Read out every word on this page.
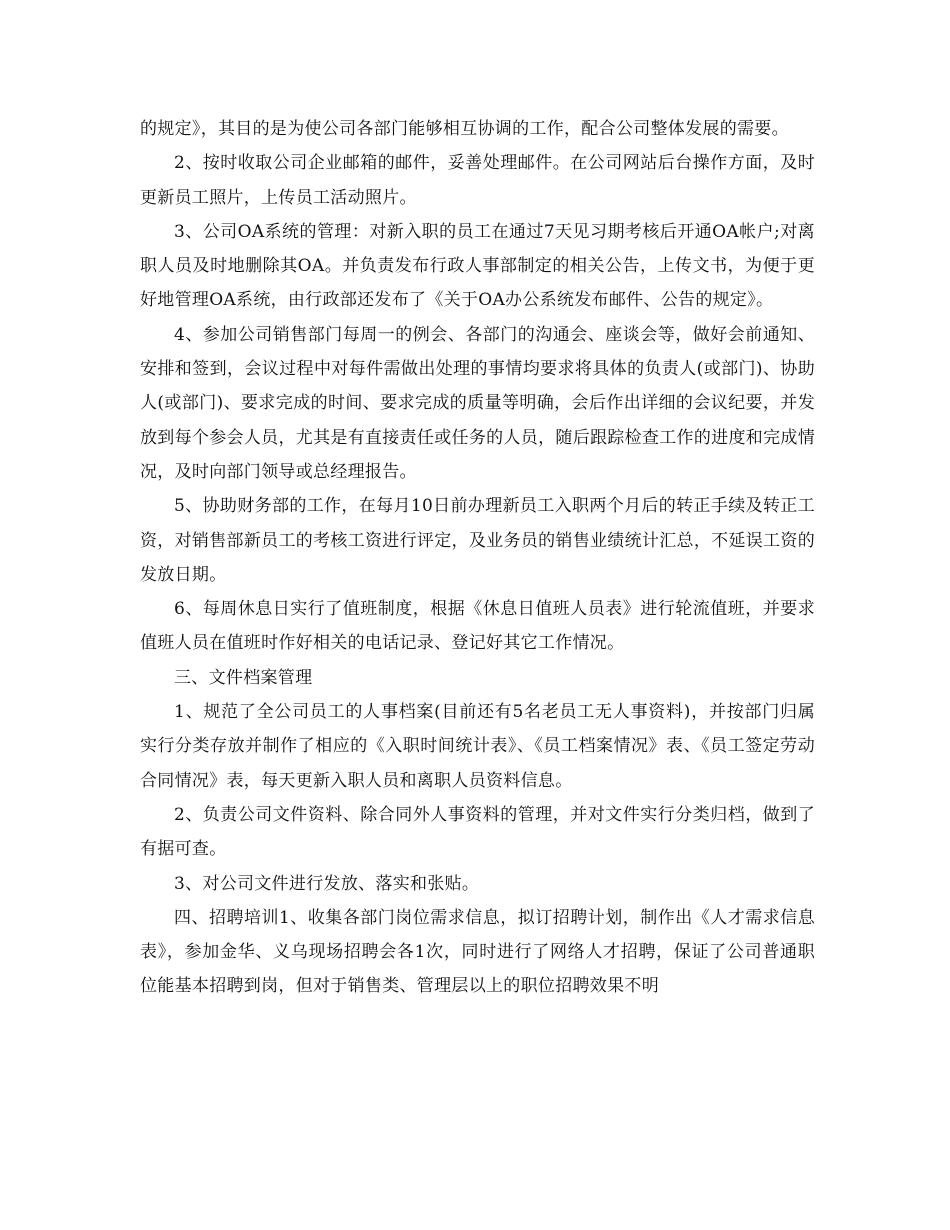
的规定》，其目的是为使公司各部门能够相互协调的工作，配合公司整体发展的需要。

2、按时收取公司企业邮箱的邮件，妥善处理邮件。在公司网站后台操作方面，及时更新员工照片，上传员工活动照片。

3、公司OA系统的管理：对新入职的员工在通过7天见习期考核后开通OA帐户;对离职人员及时地删除其OA。并负责发布行政人事部制定的相关公告，上传文书，为便于更好地管理OA系统，由行政部还发布了《关于OA办公系统发布邮件、公告的规定》。

4、参加公司销售部门每周一的例会、各部门的沟通会、座谈会等，做好会前通知、安排和签到，会议过程中对每件需做出处理的事情均要求将具体的负责人(或部门)、协助人(或部门)、要求完成的时间、要求完成的质量等明确，会后作出详细的会议纪要，并发放到每个参会人员，尤其是有直接责任或任务的人员，随后跟踪检查工作的进度和完成情况，及时向部门领导或总经理报告。

5、协助财务部的工作，在每月10日前办理新员工入职两个月后的转正手续及转正工资，对销售部新员工的考核工资进行评定，及业务员的销售业绩统计汇总，不延误工资的发放日期。

6、每周休息日实行了值班制度，根据《休息日值班人员表》进行轮流值班，并要求值班人员在值班时作好相关的电话记录、登记好其它工作情况。

三、文件档案管理

1、规范了全公司员工的人事档案(目前还有5名老员工无人事资料)，并按部门归属实行分类存放并制作了相应的《入职时间统计表》、《员工档案情况》表、《员工签定劳动合同情况》表，每天更新入职人员和离职人员资料信息。

2、负责公司文件资料、除合同外人事资料的管理，并对文件实行分类归档，做到了有据可查。

3、对公司文件进行发放、落实和张贴。

四、招聘培训1、收集各部门岗位需求信息，拟订招聘计划，制作出《人才需求信息表》，参加金华、义乌现场招聘会各1次，同时进行了网络人才招聘，保证了公司普通职位能基本招聘到岗，但对于销售类、管理层以上的职位招聘效果不明
